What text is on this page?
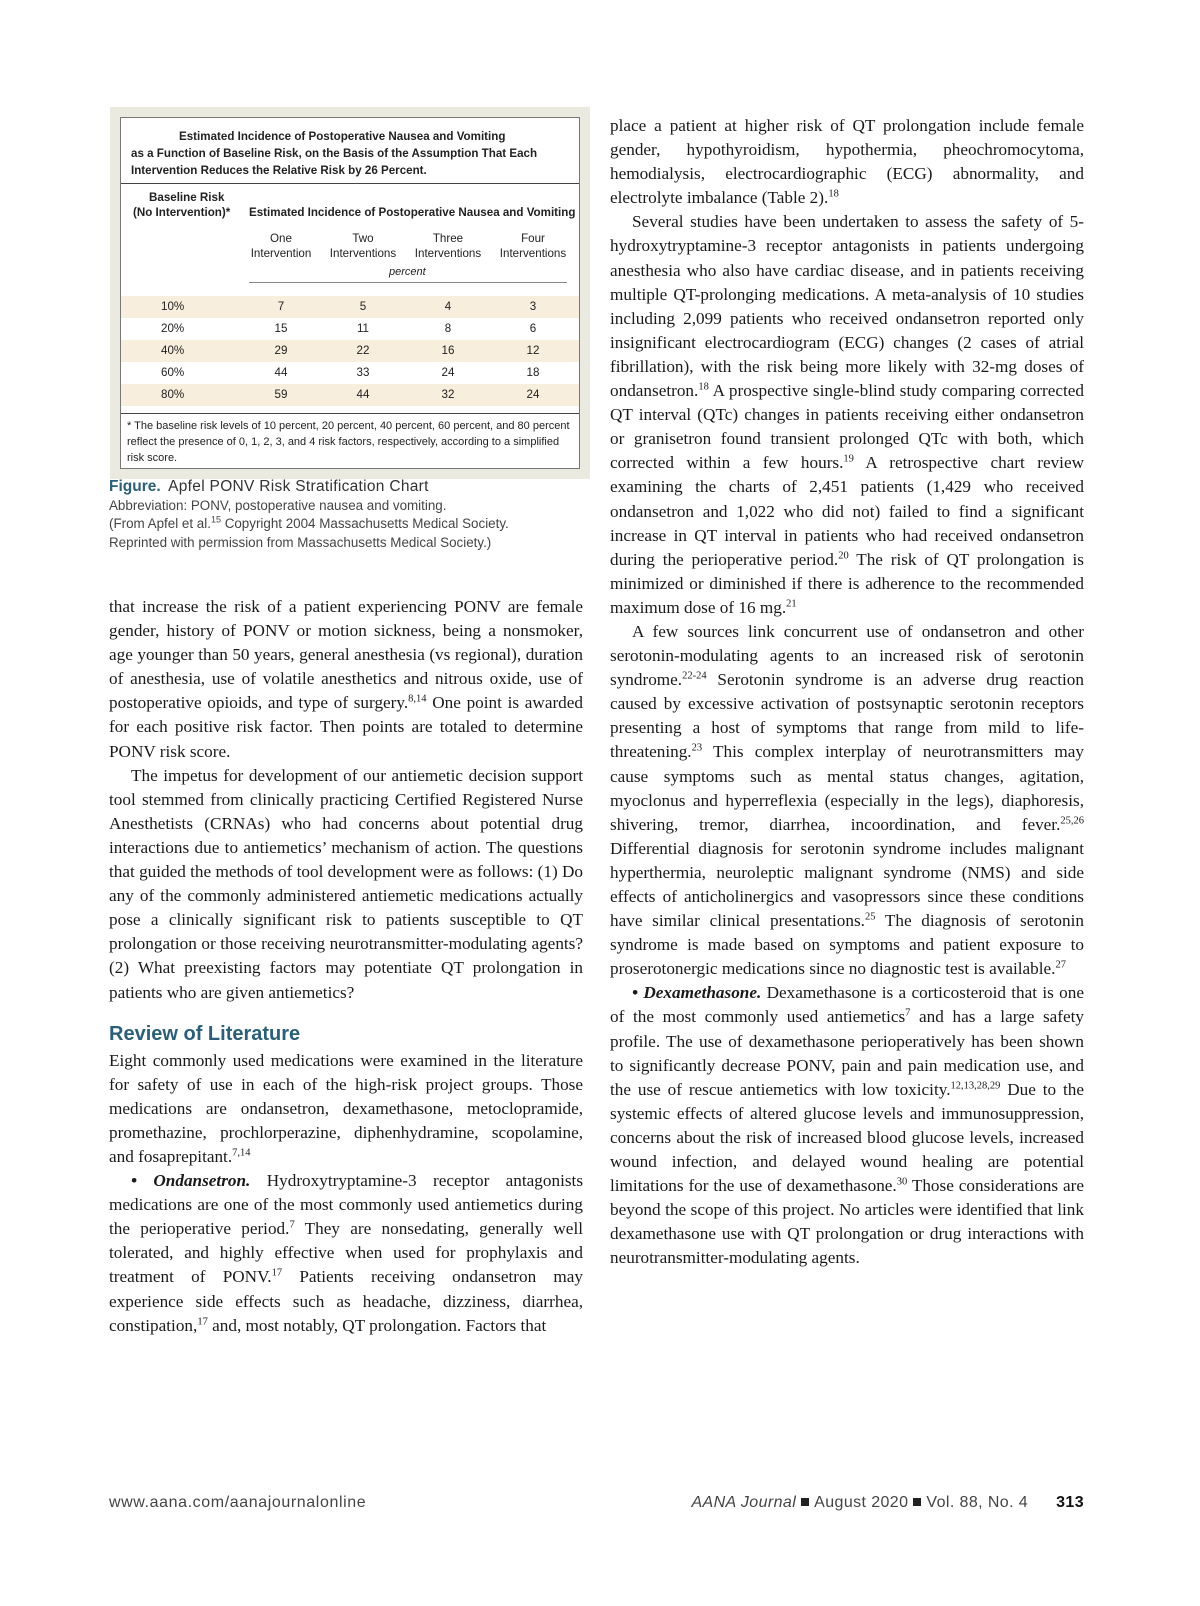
Estimated Incidence of Postoperative Nausea and Vomiting
as a Function of Baseline Risk, on the Basis of the Assumption That Each
Intervention Reduces the Relative Risk by 26 Percent.
Baseline Risk
(No Intervention)* Estimated Incidence of Postoperative Nausea and Vomiting
One
Intervention
Two
Interventions
Three
Interventions
Four
Interventions
percent
10%	7	5	4	3
20%	15	11	8	6
40%	29	22	16	12
60%	44	33	24	18
80%	59	44	32	24
* The baseline risk levels of 10 percent, 20 percent, 40 percent, 60 percent, and 80 percent reflect the presence of 0, 1, 2, 3, and 4 risk factors, respectively, according to a simplified risk score.
Figure. Apfel PONV Risk Stratification Chart
Abbreviation: PONV, postoperative nausea and vomiting.
(From Apfel et al.$^{15}$ Copyright 2004 Massachusetts Medical Society.
Reprinted with permission from Massachusetts Medical Society.)

that increase the risk of a patient experiencing PONV are female gender, history of PONV or motion sickness, being a nonsmoker, age younger than 50 years, general anesthesia (vs regional), duration of anesthesia, use of volatile anesthetics and nitrous oxide, use of postoperative opioids, and type of surgery.$^{8,14}$ One point is awarded for each positive risk factor. Then points are totaled to determine PONV risk score.

The impetus for development of our antiemetic decision support tool stemmed from clinically practicing Certified Registered Nurse Anesthetists (CRNAs) who had concerns about potential drug interactions due to antiemetics’ mechanism of action. The questions that guided the methods of tool development were as follows: (1) Do any of the commonly administered antiemetic medications actually pose a clinically significant risk to patients susceptible to QT prolongation or those receiving neurotransmitter-modulating agents? (2) What preexisting factors may potentiate QT prolongation in patients who are given antiemetics?

Review of Literature

Eight commonly used medications were examined in the literature for safety of use in each of the high-risk project groups. Those medications are ondansetron, dexamethasone, metoclopramide, promethazine, prochlorperazine, diphenhydramine, scopolamine, and fosaprepitant.$^{7,14}$

• Ondansetron. Hydroxytryptamine-3 receptor antagonists medications are one of the most commonly used antiemetics during the perioperative period.$^7$ They are nonsedating, generally well tolerated, and highly effective when used for prophylaxis and treatment of PONV.$^{17}$ Patients receiving ondansetron may experience side effects such as headache, dizziness, diarrhea, constipation,$^{17}$ and, most notably, QT prolongation. Factors that

place a patient at higher risk of QT prolongation include female gender, hypothyroidism, hypothermia, pheochromocytoma, hemodialysis, electrocardiographic (ECG) abnormality, and electrolyte imbalance (Table 2).$^{18}$

Several studies have been undertaken to assess the safety of 5-hydroxytryptamine-3 receptor antagonists in patients undergoing anesthesia who also have cardiac disease, and in patients receiving multiple QT-prolonging medications. A meta-analysis of 10 studies including 2,099 patients who received ondansetron reported only insignificant electrocardiogram (ECG) changes (2 cases of atrial fibrillation), with the risk being more likely with 32-mg doses of ondansetron.$^{18}$ A prospective single-blind study comparing corrected QT interval (QTc) changes in patients receiving either ondansetron or granisetron found transient prolonged QTc with both, which corrected within a few hours.$^{19}$ A retrospective chart review examining the charts of 2,451 patients (1,429 who received ondansetron and 1,022 who did not) failed to find a significant increase in QT interval in patients who had received ondansetron during the perioperative period.$^{20}$ The risk of QT prolongation is minimized or diminished if there is adherence to the recommended maximum dose of 16 mg.$^{21}$

A few sources link concurrent use of ondansetron and other serotonin-modulating agents to an increased risk of serotonin syndrome.$^{22-24}$ Serotonin syndrome is an adverse drug reaction caused by excessive activation of postsynaptic serotonin receptors presenting a host of symptoms that range from mild to life-threatening.$^{23}$ This complex interplay of neurotransmitters may cause symptoms such as mental status changes, agitation, myoclonus and hyperreflexia (especially in the legs), diaphoresis, shivering, tremor, diarrhea, incoordination, and fever.$^{25,26}$ Differential diagnosis for serotonin syndrome includes malignant hyperthermia, neuroleptic malignant syndrome (NMS) and side effects of anticholinergics and vasopressors since these conditions have similar clinical presentations.$^{25}$ The diagnosis of serotonin syndrome is made based on symptoms and patient exposure to proserotonergic medications since no diagnostic test is available.$^{27}$

• Dexamethasone. Dexamethasone is a corticosteroid that is one of the most commonly used antiemetics$^7$ and has a large safety profile. The use of dexamethasone perioperatively has been shown to significantly decrease PONV, pain and pain medication use, and the use of rescue antiemetics with low toxicity.$^{12,13,28,29}$ Due to the systemic effects of altered glucose levels and immunosuppression, concerns about the risk of increased blood glucose levels, increased wound infection, and delayed wound healing are potential limitations for the use of dexamethasone.$^{30}$ Those considerations are beyond the scope of this project. No articles were identified that link dexamethasone use with QT prolongation or drug interactions with neurotransmitter-modulating agents.

www.aana.com/aanajournalonline	AANA Journal August 2020 Vol. 88, No. 4 313
